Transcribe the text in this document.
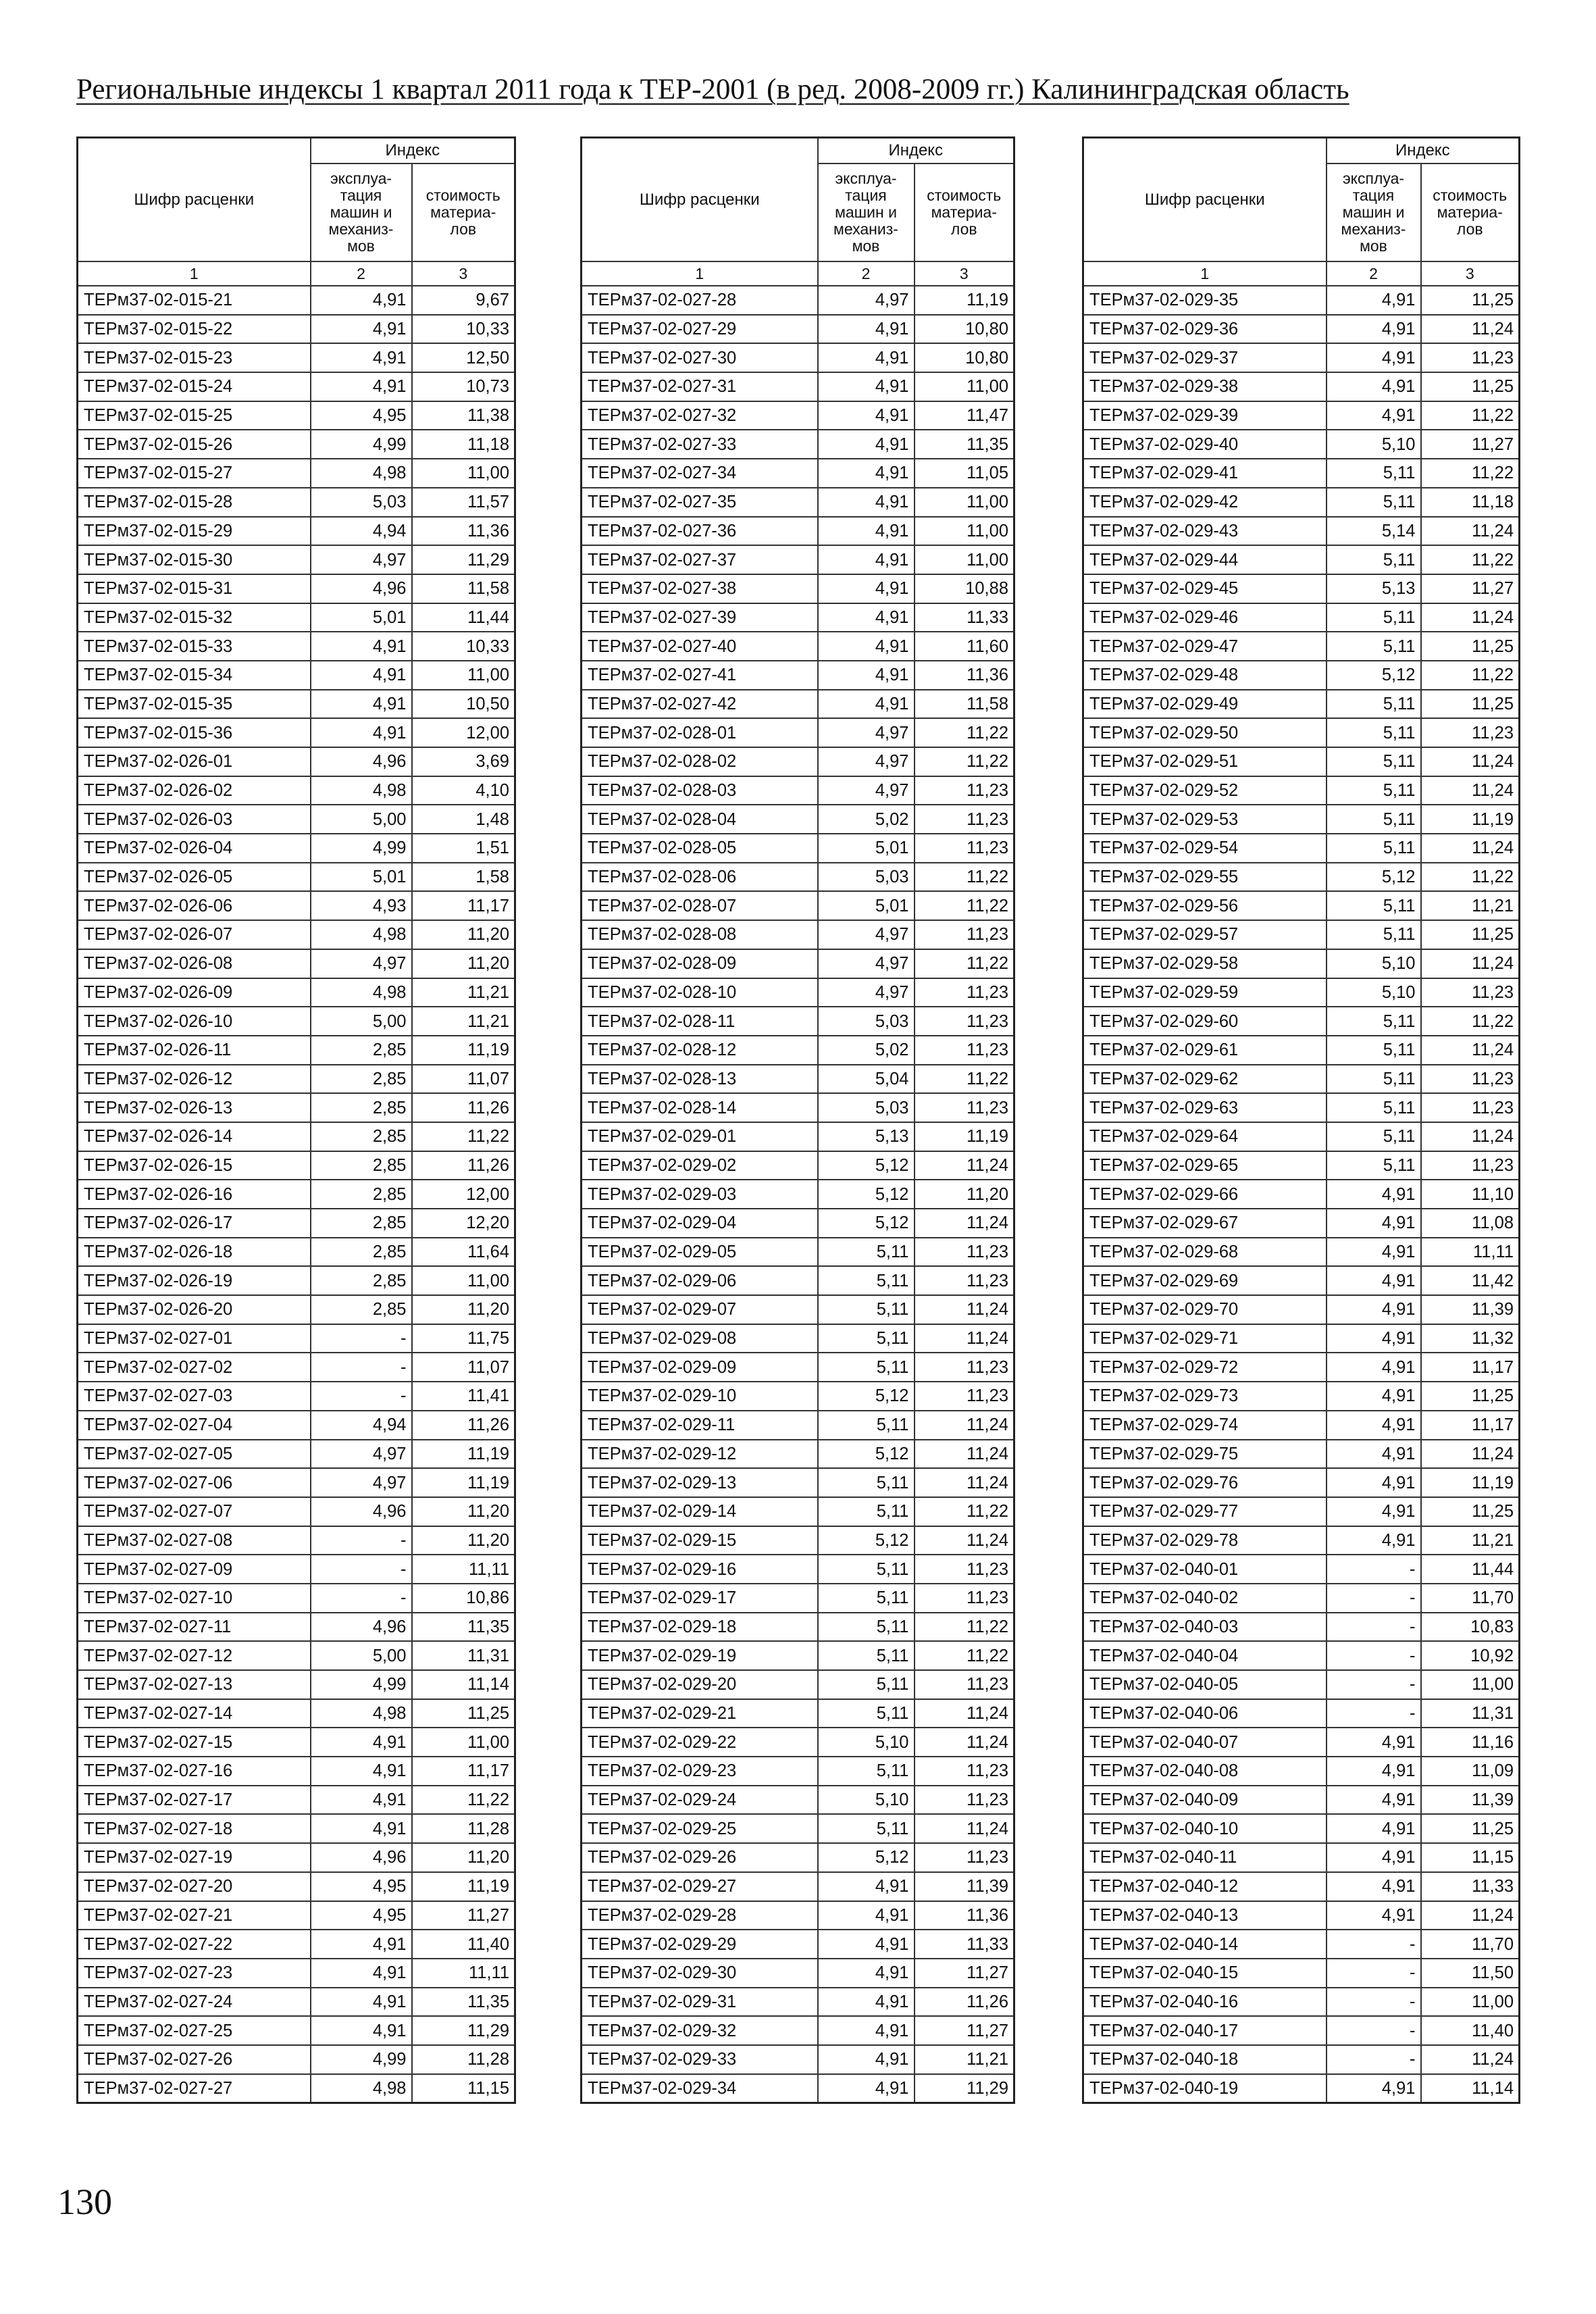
Региональные индексы 1 квартал 2011 года к ТЕР-2001 (в ред. 2008-2009 гг.) Калининградская область
Шифр расценки	Индекс	
	эксплуа-
тация
машин и
механиз-
мов	стоимость
материа-
лов
1	2	3
ТЕРм37-02-015-21	4,91	9,67
ТЕРм37-02-015-22	4,91	10,33
ТЕРм37-02-015-23	4,91	12,50
ТЕРм37-02-015-24	4,91	10,73
ТЕРм37-02-015-25	4,95	11,38
ТЕРм37-02-015-26	4,99	11,18
ТЕРм37-02-015-27	4,98	11,00
ТЕРм37-02-015-28	5,03	11,57
ТЕРм37-02-015-29	4,94	11,36
ТЕРм37-02-015-30	4,97	11,29
ТЕРм37-02-015-31	4,96	11,58
ТЕРм37-02-015-32	5,01	11,44
ТЕРм37-02-015-33	4,91	10,33
ТЕРм37-02-015-34	4,91	11,00
ТЕРм37-02-015-35	4,91	10,50
ТЕРм37-02-015-36	4,91	12,00
ТЕРм37-02-026-01	4,96	3,69
ТЕРм37-02-026-02	4,98	4,10
ТЕРм37-02-026-03	5,00	1,48
ТЕРм37-02-026-04	4,99	1,51
ТЕРм37-02-026-05	5,01	1,58
ТЕРм37-02-026-06	4,93	11,17
ТЕРм37-02-026-07	4,98	11,20
ТЕРм37-02-026-08	4,97	11,20
ТЕРм37-02-026-09	4,98	11,21
ТЕРм37-02-026-10	5,00	11,21
ТЕРм37-02-026-11	2,85	11,19
ТЕРм37-02-026-12	2,85	11,07
ТЕРм37-02-026-13	2,85	11,26
ТЕРм37-02-026-14	2,85	11,22
ТЕРм37-02-026-15	2,85	11,26
ТЕРм37-02-026-16	2,85	12,00
ТЕРм37-02-026-17	2,85	12,20
ТЕРм37-02-026-18	2,85	11,64
ТЕРм37-02-026-19	2,85	11,00
ТЕРм37-02-026-20	2,85	11,20
ТЕРм37-02-027-01	-	11,75
ТЕРм37-02-027-02	-	11,07
ТЕРм37-02-027-03	-	11,41
ТЕРм37-02-027-04	4,94	11,26
ТЕРм37-02-027-05	4,97	11,19
ТЕРм37-02-027-06	4,97	11,19
ТЕРм37-02-027-07	4,96	11,20
ТЕРм37-02-027-08	-	11,20
ТЕРм37-02-027-09	-	11,11
ТЕРм37-02-027-10	-	10,86
ТЕРм37-02-027-11	4,96	11,35
ТЕРм37-02-027-12	5,00	11,31
ТЕРм37-02-027-13	4,99	11,14
ТЕРм37-02-027-14	4,98	11,25
ТЕРм37-02-027-15	4,91	11,00
ТЕРм37-02-027-16	4,91	11,17
ТЕРм37-02-027-17	4,91	11,22
ТЕРм37-02-027-18	4,91	11,28
ТЕРм37-02-027-19	4,96	11,20
ТЕРм37-02-027-20	4,95	11,19
ТЕРм37-02-027-21	4,95	11,27
ТЕРм37-02-027-22	4,91	11,40
ТЕРм37-02-027-23	4,91	11,11
ТЕРм37-02-027-24	4,91	11,35
ТЕРм37-02-027-25	4,91	11,29
ТЕРм37-02-027-26	4,99	11,28
ТЕРм37-02-027-27	4,98	11,15
Шифр расценки	Индекс	
	эксплуа-
тация
машин и
механиз-
мов	стоимость
материа-
лов
1	2	3
ТЕРм37-02-027-28	4,97	11,19
ТЕРм37-02-027-29	4,91	10,80
ТЕРм37-02-027-30	4,91	10,80
ТЕРм37-02-027-31	4,91	11,00
ТЕРм37-02-027-32	4,91	11,47
ТЕРм37-02-027-33	4,91	11,35
ТЕРм37-02-027-34	4,91	11,05
ТЕРм37-02-027-35	4,91	11,00
ТЕРм37-02-027-36	4,91	11,00
ТЕРм37-02-027-37	4,91	11,00
ТЕРм37-02-027-38	4,91	10,88
ТЕРм37-02-027-39	4,91	11,33
ТЕРм37-02-027-40	4,91	11,60
ТЕРм37-02-027-41	4,91	11,36
ТЕРм37-02-027-42	4,91	11,58
ТЕРм37-02-028-01	4,97	11,22
ТЕРм37-02-028-02	4,97	11,22
ТЕРм37-02-028-03	4,97	11,23
ТЕРм37-02-028-04	5,02	11,23
ТЕРм37-02-028-05	5,01	11,23
ТЕРм37-02-028-06	5,03	11,22
ТЕРм37-02-028-07	5,01	11,22
ТЕРм37-02-028-08	4,97	11,23
ТЕРм37-02-028-09	4,97	11,22
ТЕРм37-02-028-10	4,97	11,23
ТЕРм37-02-028-11	5,03	11,23
ТЕРм37-02-028-12	5,02	11,23
ТЕРм37-02-028-13	5,04	11,22
ТЕРм37-02-028-14	5,03	11,23
ТЕРм37-02-029-01	5,13	11,19
ТЕРм37-02-029-02	5,12	11,24
ТЕРм37-02-029-03	5,12	11,20
ТЕРм37-02-029-04	5,12	11,24
ТЕРм37-02-029-05	5,11	11,23
ТЕРм37-02-029-06	5,11	11,23
ТЕРм37-02-029-07	5,11	11,24
ТЕРм37-02-029-08	5,11	11,24
ТЕРм37-02-029-09	5,11	11,23
ТЕРм37-02-029-10	5,12	11,23
ТЕРм37-02-029-11	5,11	11,24
ТЕРм37-02-029-12	5,12	11,24
ТЕРм37-02-029-13	5,11	11,24
ТЕРм37-02-029-14	5,11	11,22
ТЕРм37-02-029-15	5,12	11,24
ТЕРм37-02-029-16	5,11	11,23
ТЕРм37-02-029-17	5,11	11,23
ТЕРм37-02-029-18	5,11	11,22
ТЕРм37-02-029-19	5,11	11,22
ТЕРм37-02-029-20	5,11	11,23
ТЕРм37-02-029-21	5,11	11,24
ТЕРм37-02-029-22	5,10	11,24
ТЕРм37-02-029-23	5,11	11,23
ТЕРм37-02-029-24	5,10	11,23
ТЕРм37-02-029-25	5,11	11,24
ТЕРм37-02-029-26	5,12	11,23
ТЕРм37-02-029-27	4,91	11,39
ТЕРм37-02-029-28	4,91	11,36
ТЕРм37-02-029-29	4,91	11,33
ТЕРм37-02-029-30	4,91	11,27
ТЕРм37-02-029-31	4,91	11,26
ТЕРм37-02-029-32	4,91	11,27
ТЕРм37-02-029-33	4,91	11,21
ТЕРм37-02-029-34	4,91	11,29
Шифр расценки	Индекс	
	эксплуа-
тация
машин и
механиз-
мов	стоимость
материа-
лов
1	2	3
ТЕРм37-02-029-35	4,91	11,25
ТЕРм37-02-029-36	4,91	11,24
ТЕРм37-02-029-37	4,91	11,23
ТЕРм37-02-029-38	4,91	11,25
ТЕРм37-02-029-39	4,91	11,22
ТЕРм37-02-029-40	5,10	11,27
ТЕРм37-02-029-41	5,11	11,22
ТЕРм37-02-029-42	5,11	11,18
ТЕРм37-02-029-43	5,14	11,24
ТЕРм37-02-029-44	5,11	11,22
ТЕРм37-02-029-45	5,13	11,27
ТЕРм37-02-029-46	5,11	11,24
ТЕРм37-02-029-47	5,11	11,25
ТЕРм37-02-029-48	5,12	11,22
ТЕРм37-02-029-49	5,11	11,25
ТЕРм37-02-029-50	5,11	11,23
ТЕРм37-02-029-51	5,11	11,24
ТЕРм37-02-029-52	5,11	11,24
ТЕРм37-02-029-53	5,11	11,19
ТЕРм37-02-029-54	5,11	11,24
ТЕРм37-02-029-55	5,12	11,22
ТЕРм37-02-029-56	5,11	11,21
ТЕРм37-02-029-57	5,11	11,25
ТЕРм37-02-029-58	5,10	11,24
ТЕРм37-02-029-59	5,10	11,23
ТЕРм37-02-029-60	5,11	11,22
ТЕРм37-02-029-61	5,11	11,24
ТЕРм37-02-029-62	5,11	11,23
ТЕРм37-02-029-63	5,11	11,23
ТЕРм37-02-029-64	5,11	11,24
ТЕРм37-02-029-65	5,11	11,23
ТЕРм37-02-029-66	4,91	11,10
ТЕРм37-02-029-67	4,91	11,08
ТЕРм37-02-029-68	4,91	11,11
ТЕРм37-02-029-69	4,91	11,42
ТЕРм37-02-029-70	4,91	11,39
ТЕРм37-02-029-71	4,91	11,32
ТЕРм37-02-029-72	4,91	11,17
ТЕРм37-02-029-73	4,91	11,25
ТЕРм37-02-029-74	4,91	11,17
ТЕРм37-02-029-75	4,91	11,24
ТЕРм37-02-029-76	4,91	11,19
ТЕРм37-02-029-77	4,91	11,25
ТЕРм37-02-029-78	4,91	11,21
ТЕРм37-02-040-01	-	11,44
ТЕРм37-02-040-02	-	11,70
ТЕРм37-02-040-03	-	10,83
ТЕРм37-02-040-04	-	10,92
ТЕРм37-02-040-05	-	11,00
ТЕРм37-02-040-06	-	11,31
ТЕРм37-02-040-07	4,91	11,16
ТЕРм37-02-040-08	4,91	11,09
ТЕРм37-02-040-09	4,91	11,39
ТЕРм37-02-040-10	4,91	11,25
ТЕРм37-02-040-11	4,91	11,15
ТЕРм37-02-040-12	4,91	11,33
ТЕРм37-02-040-13	4,91	11,24
ТЕРм37-02-040-14	-	11,70
ТЕРм37-02-040-15	-	11,50
ТЕРм37-02-040-16	-	11,00
ТЕРм37-02-040-17	-	11,40
ТЕРм37-02-040-18	-	11,24
ТЕРм37-02-040-19	4,91	11,14
130
